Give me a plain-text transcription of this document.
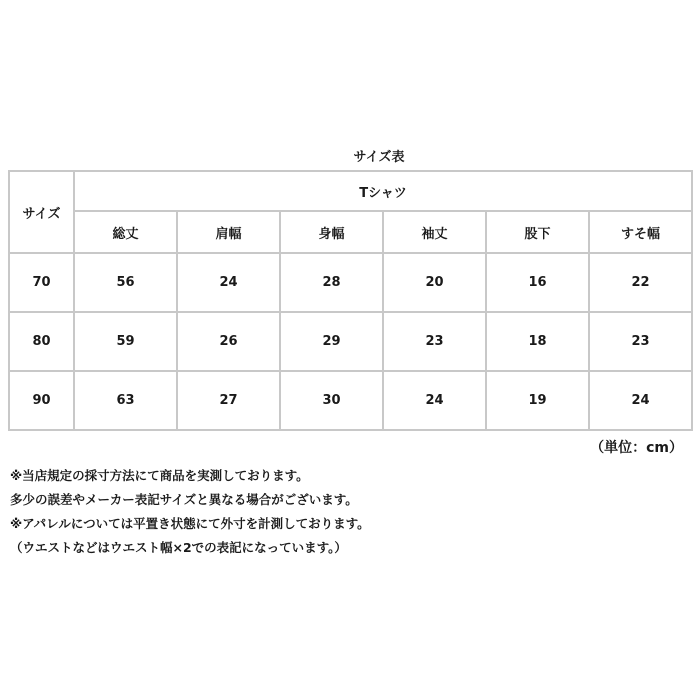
サイズ表
サイズ	Tシャツ					
	総丈	肩幅	身幅	袖丈	股下	すそ幅
70	56	24	28	20	16	22
80	59	26	29	23	18	23
90	63	27	30	24	19	24
（単位：cm）
※当店規定の採寸方法にて商品を実測しております。
多少の誤差やメーカー表記サイズと異なる場合がございます。
※アパレルについては平置き状態にて外寸を計測しております。
（ウエストなどはウエスト幅×2での表記になっています。）
